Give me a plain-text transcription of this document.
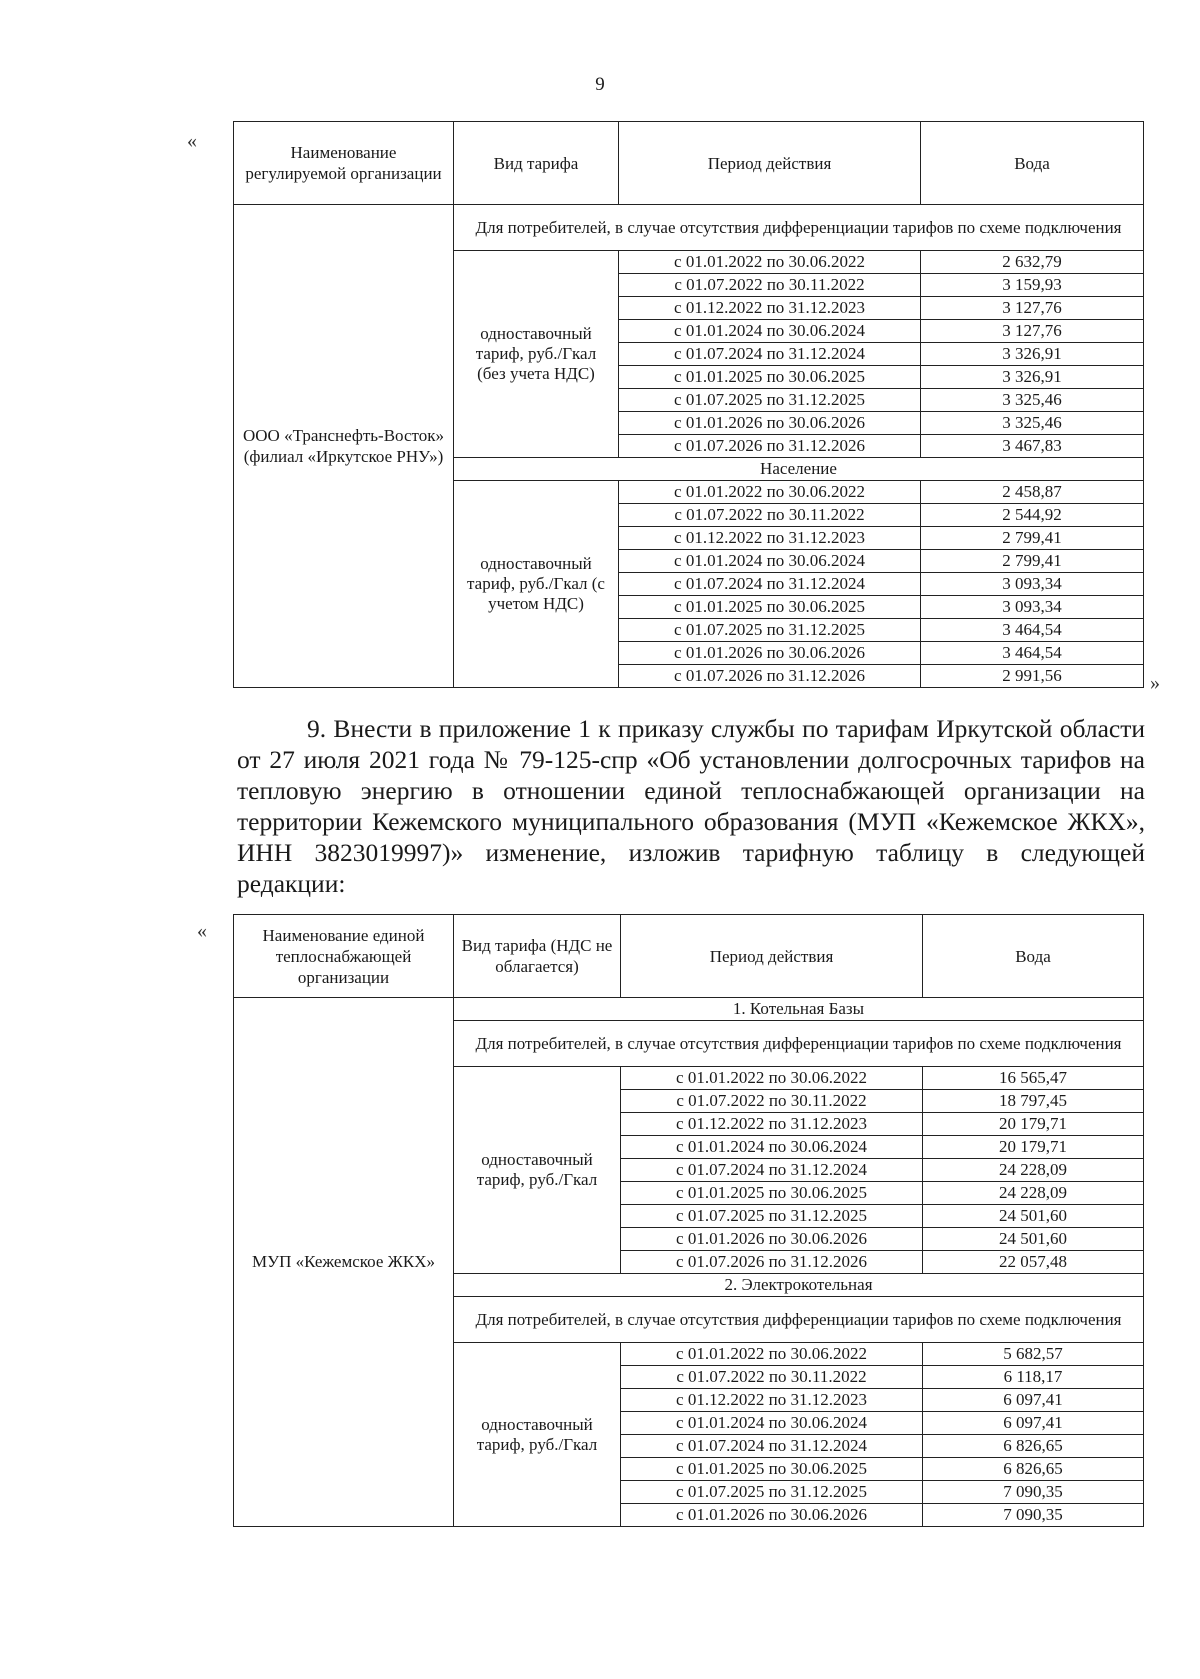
9
«
Наименование регулируемой организации	Вид тарифа	Период действия	Вода
ООО «Транснефть-Восток» (филиал «Иркутское РНУ»)	Для потребителей, в случае отсутствия дифференциации тарифов по схеме подключения		
	одноставочный тариф, руб./Гкал (без учета НДС)	с 01.01.2022 по 30.06.2022	2 632,79
		с 01.07.2022 по 30.11.2022	3 159,93
		с 01.12.2022 по 31.12.2023	3 127,76
		с 01.01.2024 по 30.06.2024	3 127,76
		с 01.07.2024 по 31.12.2024	3 326,91
		с 01.01.2025 по 30.06.2025	3 326,91
		с 01.07.2025 по 31.12.2025	3 325,46
		с 01.01.2026 по 30.06.2026	3 325,46
		с 01.07.2026 по 31.12.2026	3 467,83
	Население		
	одноставочный тариф, руб./Гкал (с учетом НДС)	с 01.01.2022 по 30.06.2022	2 458,87
		с 01.07.2022 по 30.11.2022	2 544,92
		с 01.12.2022 по 31.12.2023	2 799,41
		с 01.01.2024 по 30.06.2024	2 799,41
		с 01.07.2024 по 31.12.2024	3 093,34
		с 01.01.2025 по 30.06.2025	3 093,34
		с 01.07.2025 по 31.12.2025	3 464,54
		с 01.01.2026 по 30.06.2026	3 464,54
		с 01.07.2026 по 31.12.2026	2 991,56	»

9. Внести в приложение 1 к приказу службы по тарифам Иркутской области от 27 июля 2021 года № 79-125-спр «Об установлении долгосрочных тарифов на тепловую энергию в отношении единой теплоснабжающей организации на территории Кежемского муниципального образования (МУП «Кежемское ЖКХ», ИНН 3823019997)» изменение, изложив тарифную таблицу в следующей редакции:

«	Наименование единой теплоснабжающей организации	Вид тарифа (НДС не облагается)	Период действия	Вода
МУП «Кежемское ЖКХ»	1. Котельная Базы		
	Для потребителей, в случае отсутствия дифференциации тарифов по схеме подключения		
	одноставочный тариф, руб./Гкал	с 01.01.2022 по 30.06.2022	16 565,47
		с 01.07.2022 по 30.11.2022	18 797,45
		с 01.12.2022 по 31.12.2023	20 179,71
		с 01.01.2024 по 30.06.2024	20 179,71
		с 01.07.2024 по 31.12.2024	24 228,09
		с 01.01.2025 по 30.06.2025	24 228,09
		с 01.07.2025 по 31.12.2025	24 501,60
		с 01.01.2026 по 30.06.2026	24 501,60
		с 01.07.2026 по 31.12.2026	22 057,48
	2. Электрокотельная		
	Для потребителей, в случае отсутствия дифференциации тарифов по схеме подключения		
	одноставочный тариф, руб./Гкал	с 01.01.2022 по 30.06.2022	5 682,57
		с 01.07.2022 по 30.11.2022	6 118,17
		с 01.12.2022 по 31.12.2023	6 097,41
		с 01.01.2024 по 30.06.2024	6 097,41
		с 01.07.2024 по 31.12.2024	6 826,65
		с 01.01.2025 по 30.06.2025	6 826,65
		с 01.07.2025 по 31.12.2025	7 090,35
		с 01.01.2026 по 30.06.2026	7 090,35
